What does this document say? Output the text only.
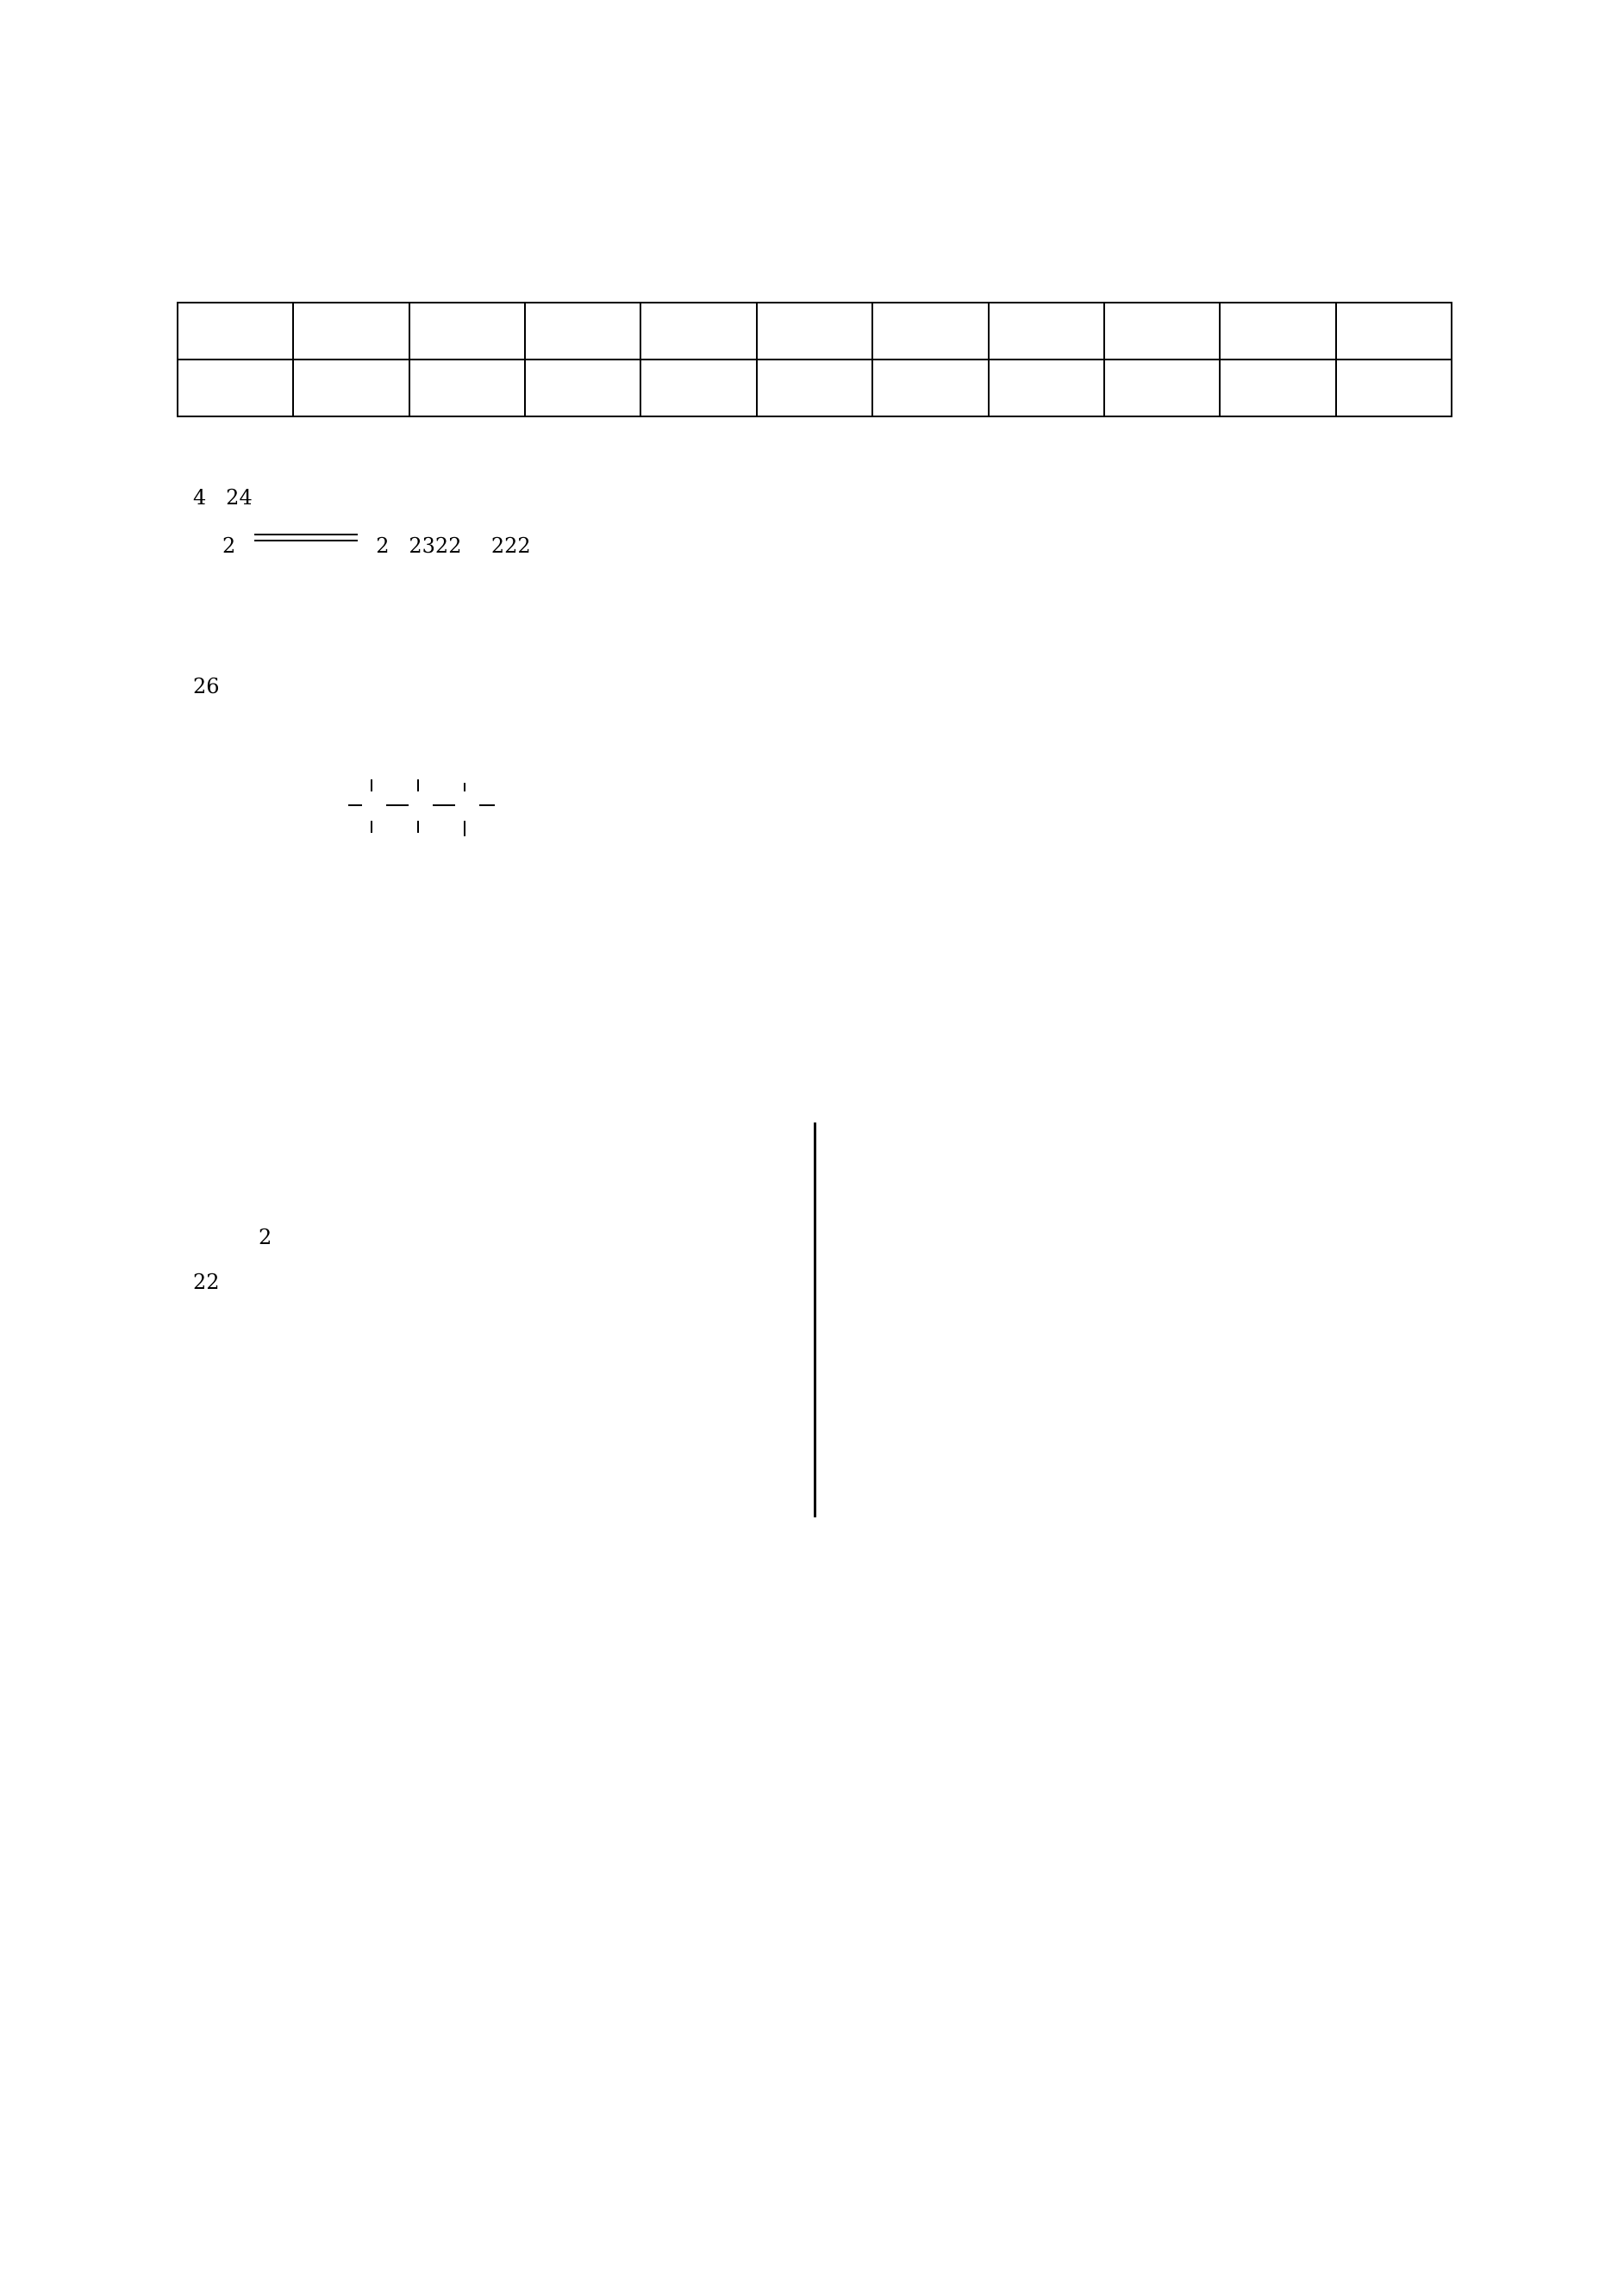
$_4$ $_{24}$
$_2$	$_2$ $_{2322}$ $_{222}$
$_{26}$
$_2$
$_{22}$
